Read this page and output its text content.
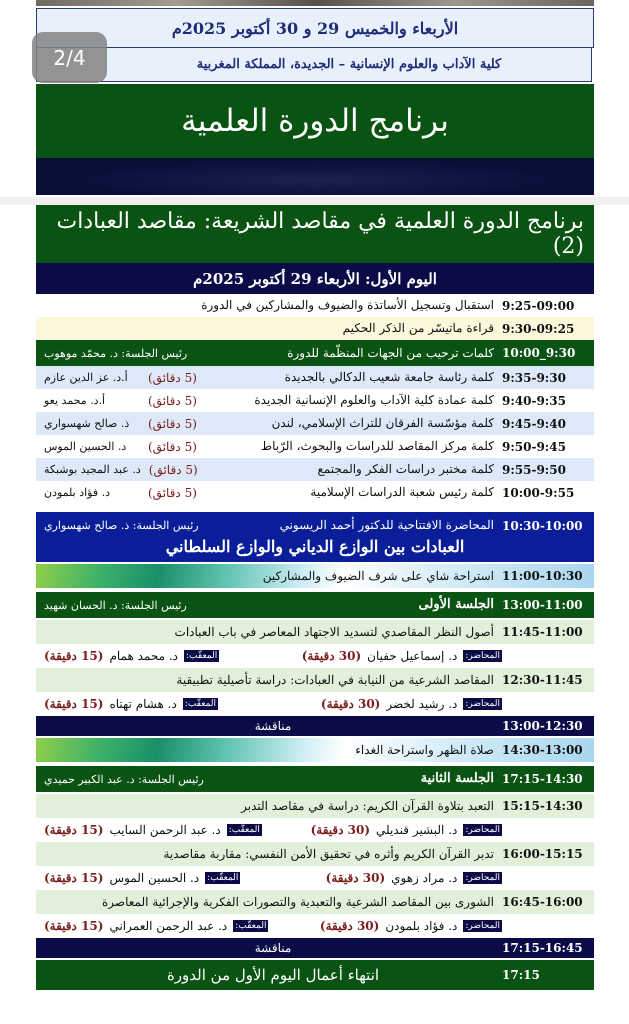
الأربعاء والخميس 29 و 30 أكتوبر 2025م
كلية الآداب والعلوم الإنسانية – الجديدة، المملكة المغربية
برنامج الدورة العلمية
2/4
برنامج الدورة العلمية في مقاصد الشريعة: مقاصد العبادات (2)
اليوم الأول: الأربعاء 29 أكتوبر 2025م
9:25-09:00
استقبال وتسجيل الأساتذة والضيوف والمشاركين في الدورة
9:30-09:25
قراءة ماتيسّر من الذكر الحكيم
10:00_9:30
كلمات ترحيب من الجهات المنظّمة للدورة
رئيس الجلسة: د. محمّد موهوب
9:35-9:30
كلمة رئاسة جامعة شعيب الدكالي بالجديدة
(5 دقائق)
أ.د. عز الدين عازم
9:40-9:35
كلمة عمادة كلية الآداب والعلوم الإنسانية الجديدة
(5 دقائق)
أ.د. محمد يعو
9:45-9:40
كلمة مؤسّسة الفرقان للتراث الإسلامي، لندن
(5 دقائق)
ذ. صالح شهسواري
9:50-9:45
كلمة مركز المقاصد للدراسات والبحوث، الرّباط
(5 دقائق)
د. الحسين الموس
9:55-9:50
كلمة مختبر دراسات الفكر والمجتمع
(5 دقائق)
د. عبد المجيد بوشبكة
10:00-9:55
كلمة رئيس شعبة الدراسات الإسلامية
(5 دقائق)
د. فؤاد بلمودن
10:30-10:00
المحاضرة الافتتاحية للدكتور أحمد الريسوني
رئيس الجلسة: ذ. صالح شهسواري
العبادات بين الوازع الدياني والوازع السلطاني
11:00-10:30
استراحة شاي على شرف الضيوف والمشاركين
13:00-11:00
الجلسة الأولى
رئيس الجلسة: د. الحسان شهيد
11:45-11:00
أصول النظر المقاصدي لتسديد الاجتهاد المعاصر في باب العبادات
المحاضر:
د. إسماعيل حفيان
(30 دقيقة)
المعقّب:
د. محمد همام
(15 دقيقة)
12:30-11:45
المقاصد الشرعية من النيابة في العبادات: دراسة تأصيلية تطبيقية
المحاضر:
د. رشيد لخضر
(30 دقيقة)
المعقّب:
د. هشام تهتاه
(15 دقيقة)
13:00-12:30
مناقشة
14:30-13:00
صلاة الظهر واستراحة الغداء
17:15-14:30
الجلسة الثانية
رئيس الجلسة: د. عبد الكبير حميدي
15:15-14:30
التعبد بتلاوة القرآن الكريم: دراسة في مقاصد التدبر
المحاضر:
د. البشير قنديلي
(30 دقيقة)
المعقّب:
د. عبد الرحمن السايب
(15 دقيقة)
16:00-15:15
تدبر القرآن الكريم وأثره في تحقيق الأمن النفسي: مقاربة مقاصدية
المحاضر:
د. مراد زهوي
(30 دقيقة)
المعقّب:
د. الحسين الموس
(15 دقيقة)
16:45-16:00
الشورى بين المقاصد الشرعية والتعبدية والتصورات الفكرية والإجرائية المعاصرة
المحاضر:
د. فؤاد بلمودن
(30 دقيقة)
المعقّب:
د. عبد الرحمن العمراني
(15 دقيقة)
17:15-16:45
مناقشة
17:15
انتهاء أعمال اليوم الأول من الدورة
